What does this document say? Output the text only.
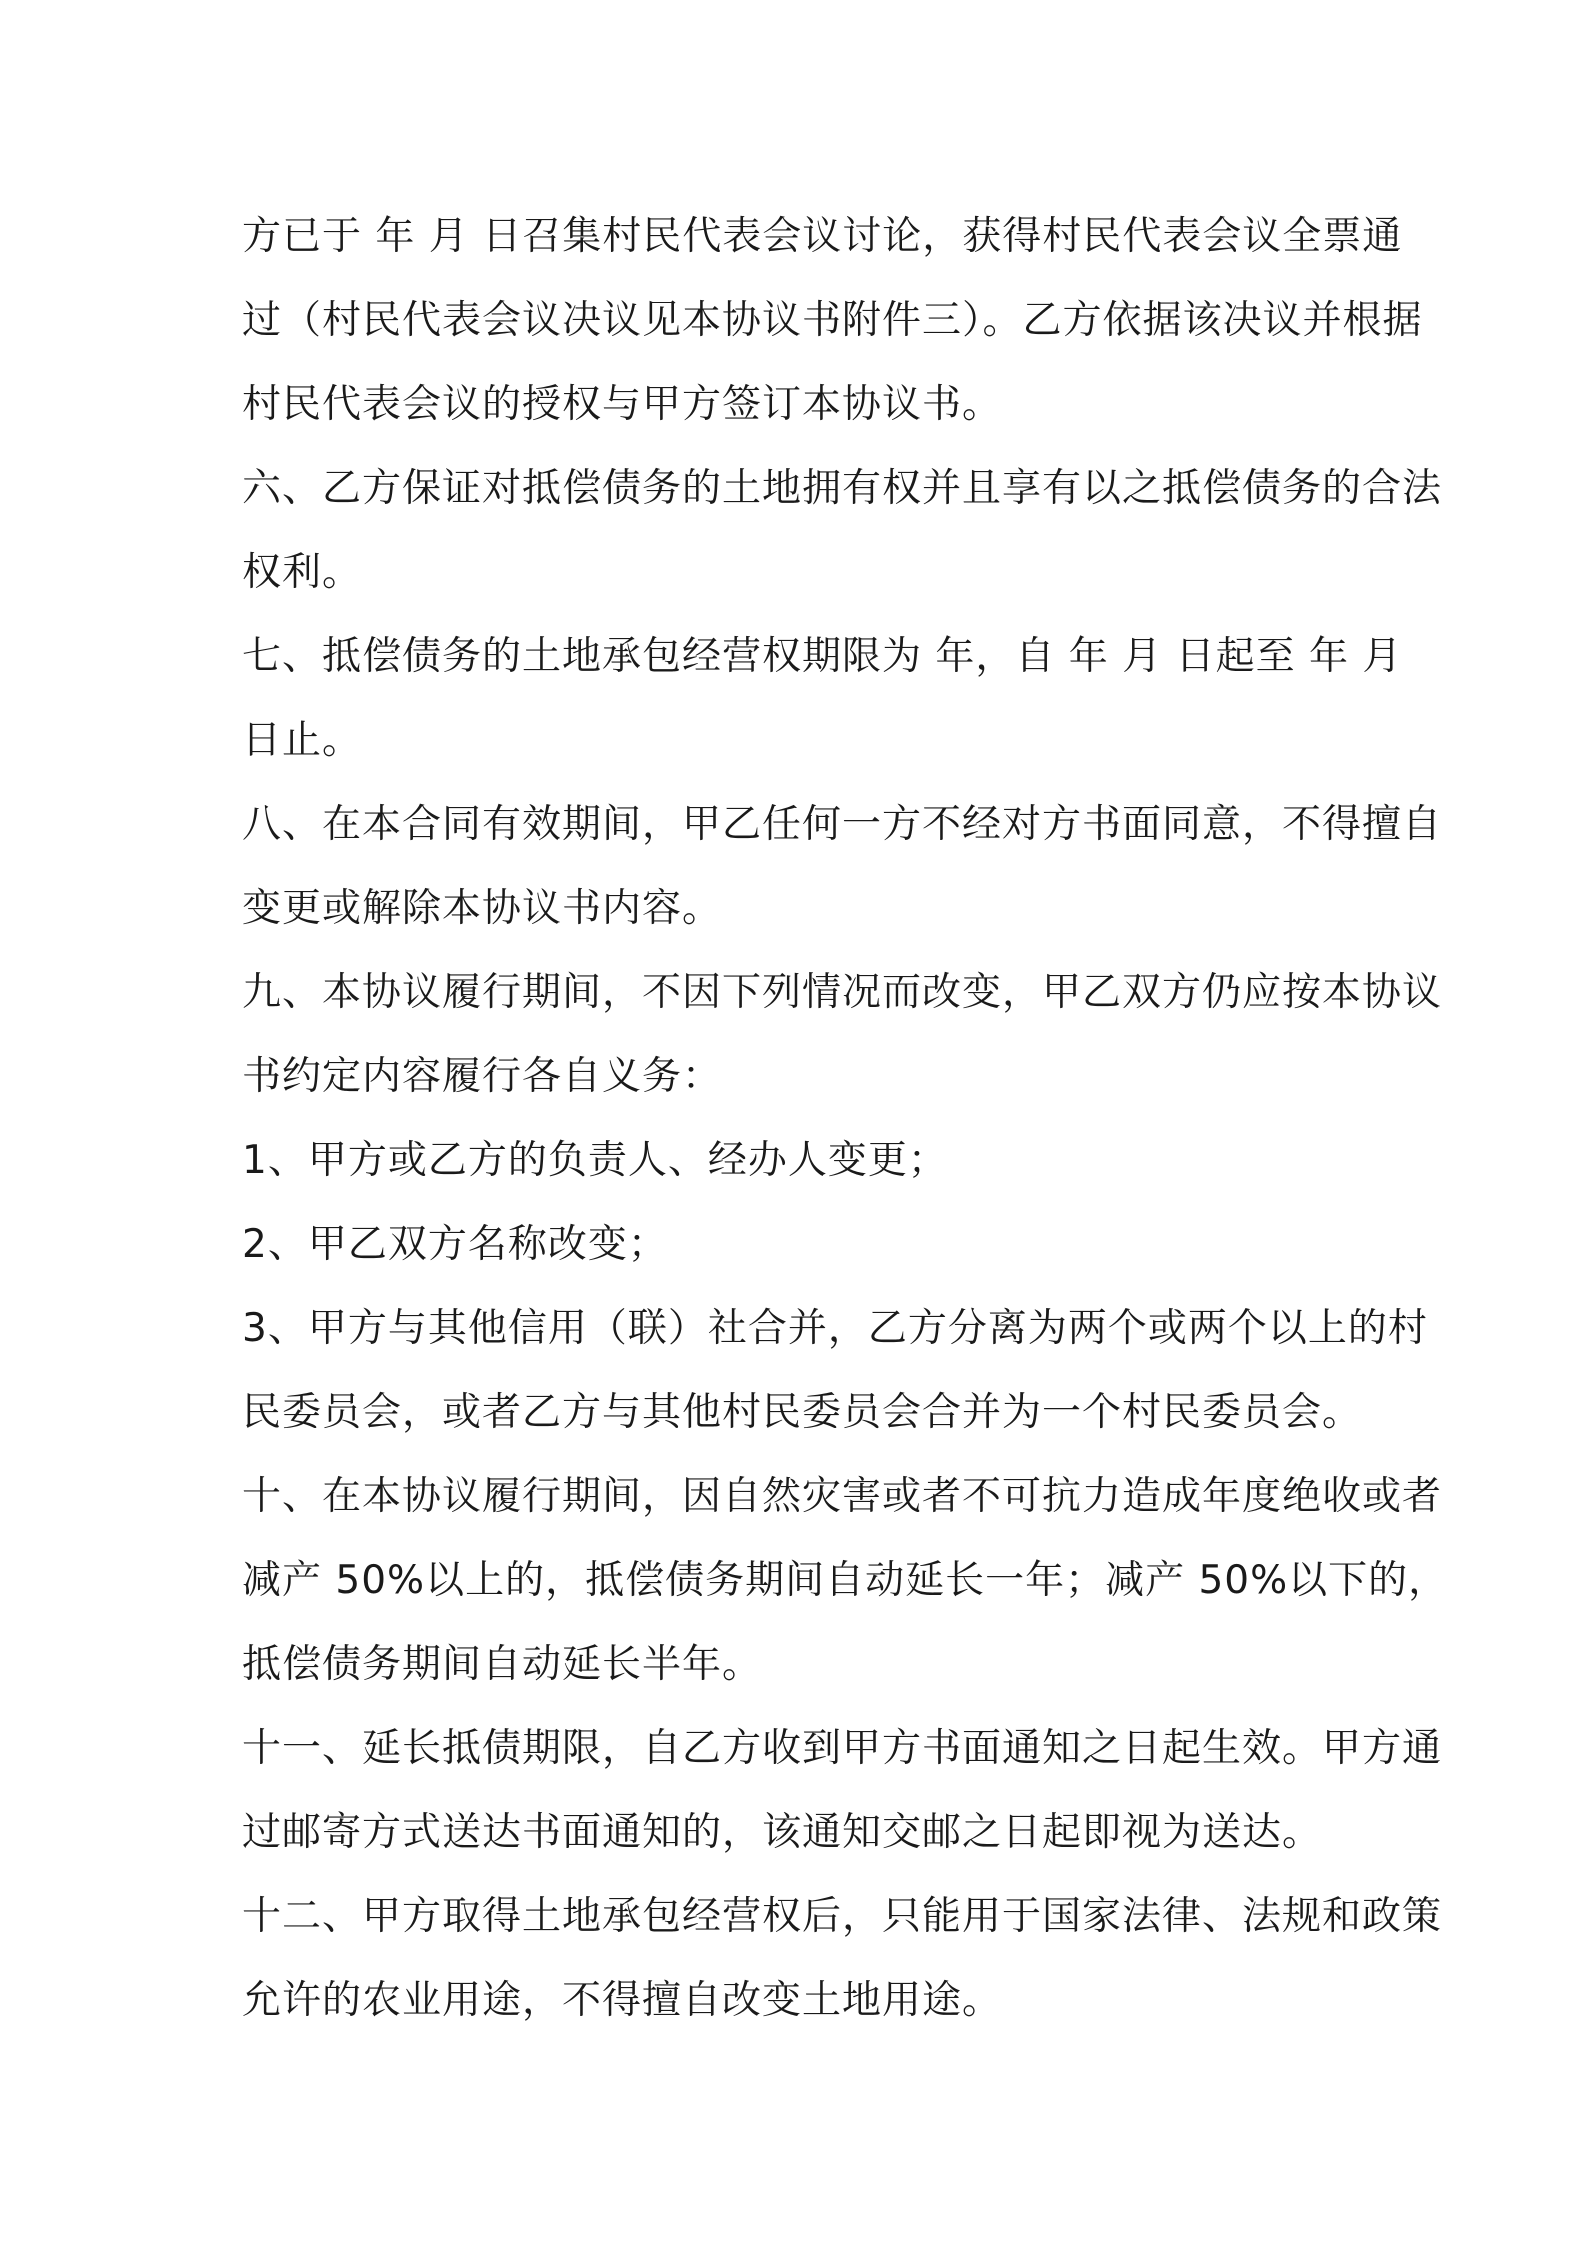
方已于 年 月 日召集村民代表会议讨论，获得村民代表会议全票通
过（村民代表会议决议见本协议书附件三）。乙方依据该决议并根据
村民代表会议的授权与甲方签订本协议书。
六、乙方保证对抵偿债务的土地拥有权并且享有以之抵偿债务的合法
权利。
七、抵偿债务的土地承包经营权期限为 年，自 年 月 日起至 年 月
日止。
八、在本合同有效期间，甲乙任何一方不经对方书面同意，不得擅自
变更或解除本协议书内容。
九、本协议履行期间，不因下列情况而改变，甲乙双方仍应按本协议
书约定内容履行各自义务：
1、甲方或乙方的负责人、经办人变更；
2、甲乙双方名称改变；
3、甲方与其他信用（联）社合并，乙方分离为两个或两个以上的村
民委员会，或者乙方与其他村民委员会合并为一个村民委员会。
十、在本协议履行期间，因自然灾害或者不可抗力造成年度绝收或者
减产 50%以上的，抵偿债务期间自动延长一年；减产 50%以下的，
抵偿债务期间自动延长半年。
十一、延长抵债期限，自乙方收到甲方书面通知之日起生效。甲方通
过邮寄方式送达书面通知的，该通知交邮之日起即视为送达。
十二、甲方取得土地承包经营权后，只能用于国家法律、法规和政策
允许的农业用途，不得擅自改变土地用途。
